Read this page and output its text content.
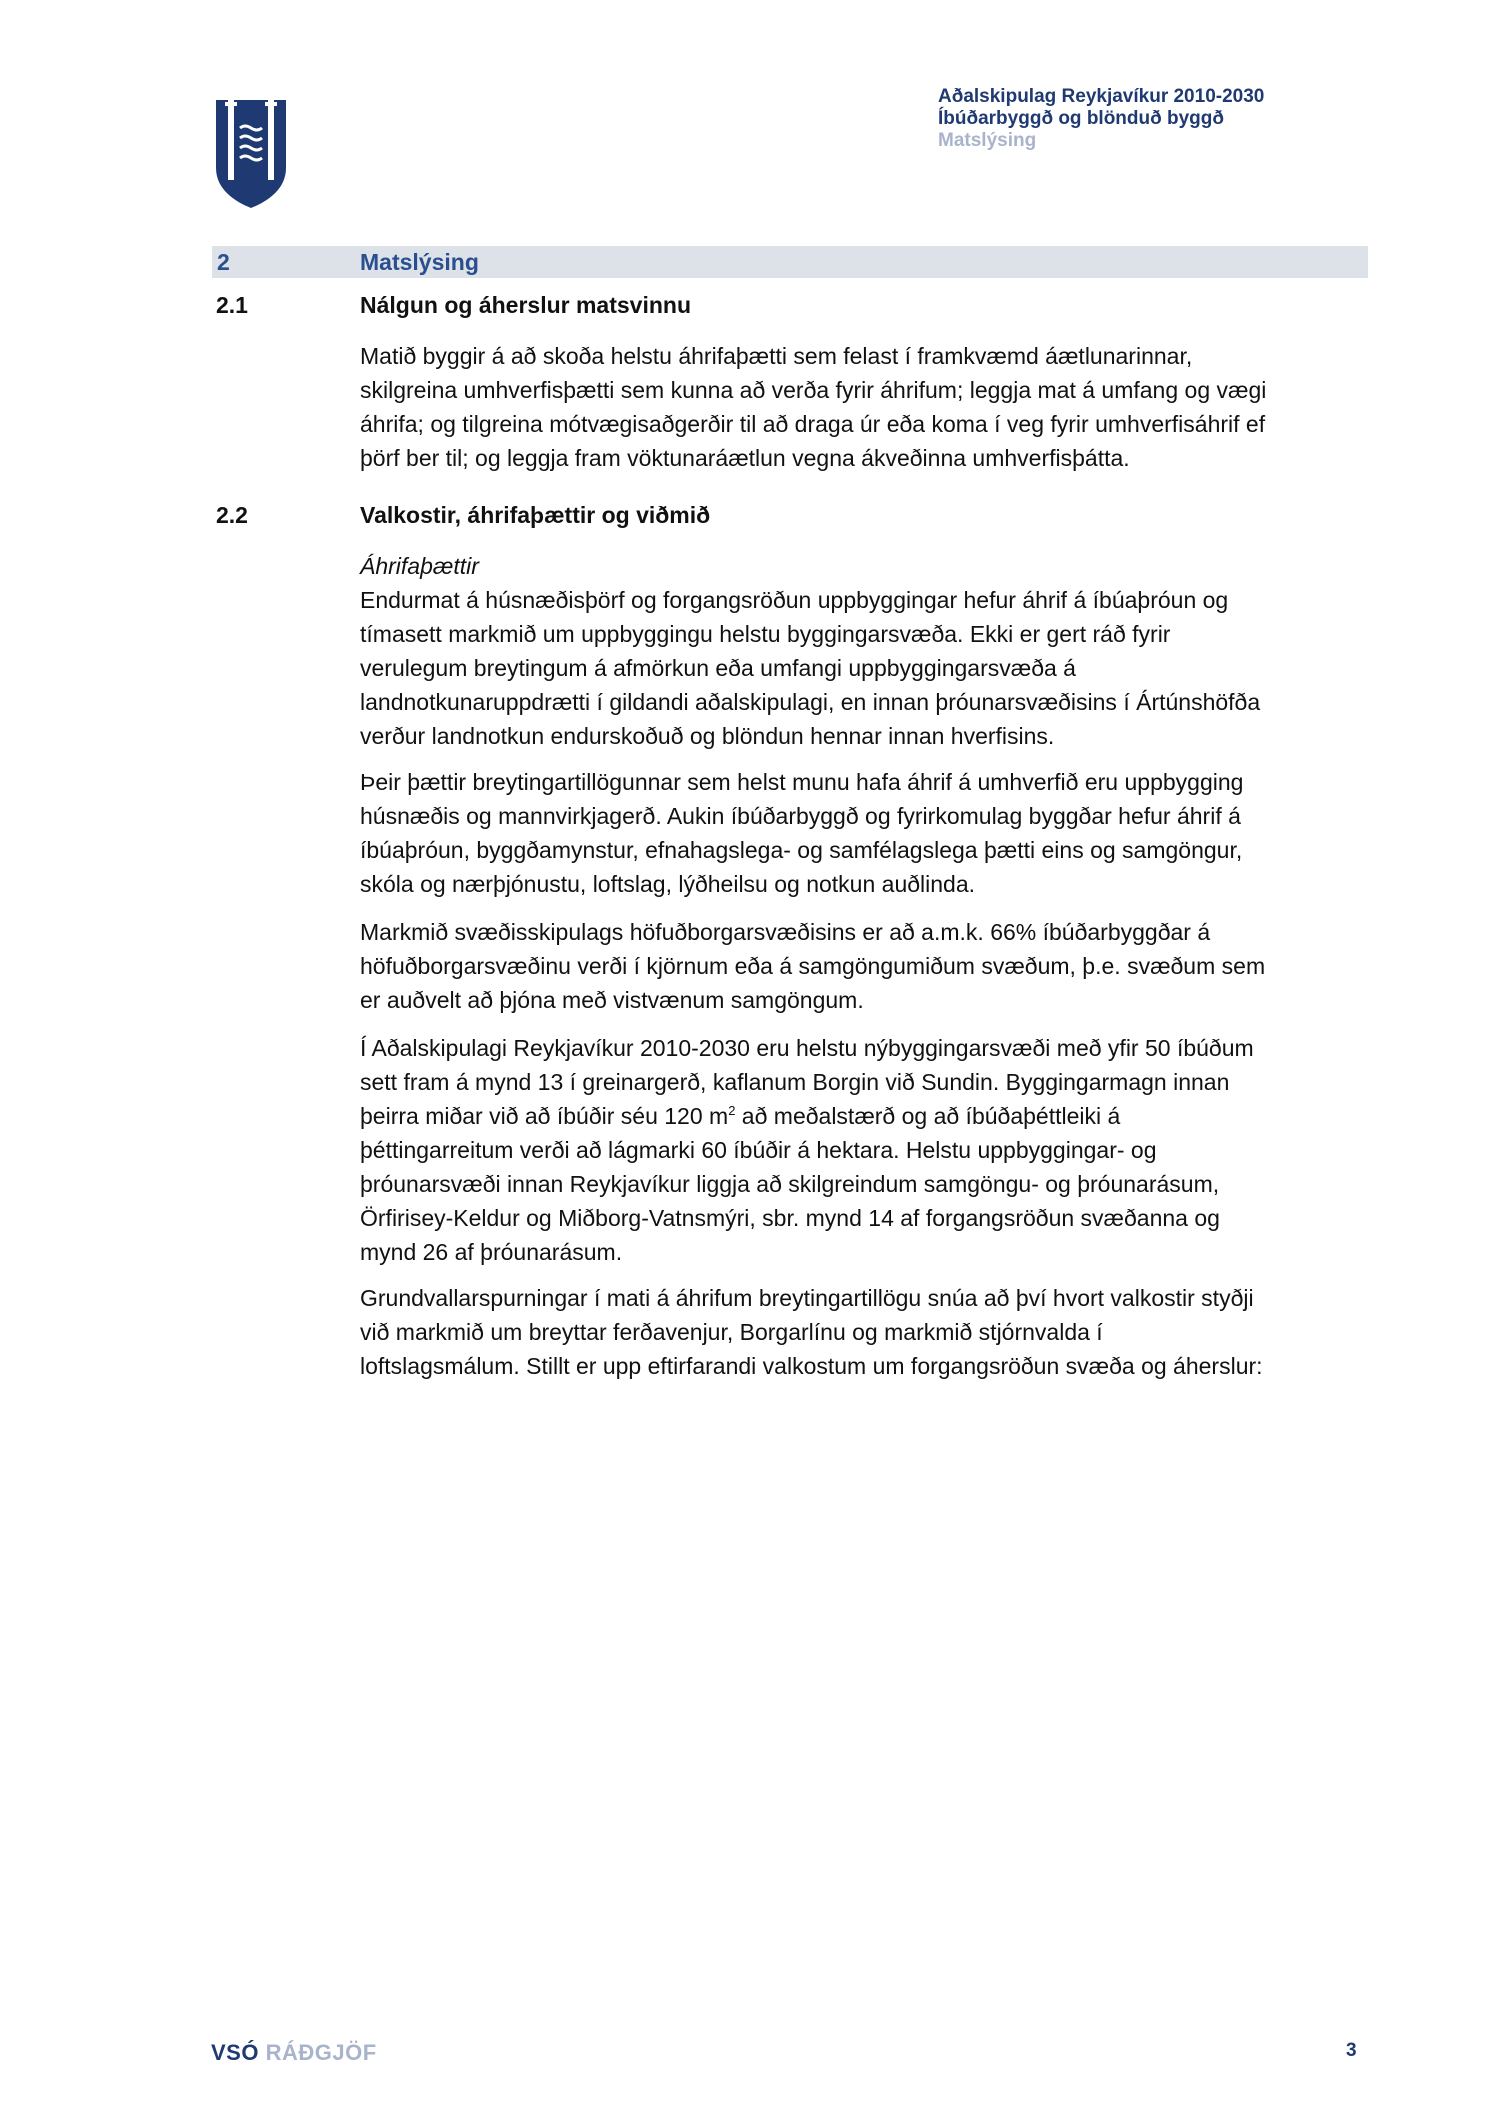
Aðalskipulag Reykjavíkur 2010-2030
Íbúðarbyggð og blönduð byggð
Matslýsing
2	Matslýsing
2.1	Nálgun og áherslur matsvinnu
Matið byggir á að skoða helstu áhrifaþætti sem felast í framkvæmd áætlunarinnar,
skilgreina umhverfisþætti sem kunna að verða fyrir áhrifum; leggja mat á umfang og vægi
áhrifa; og tilgreina mótvægisaðgerðir til að draga úr eða koma í veg fyrir umhverfisáhrif ef
þörf ber til; og leggja fram vöktunaráætlun vegna ákveðinna umhverfisþátta.
2.2	Valkostir, áhrifaþættir og viðmið
Áhrifaþættir
Endurmat á húsnæðisþörf og forgangsröðun uppbyggingar hefur áhrif á íbúaþróun og
tímasett markmið um uppbyggingu helstu byggingarsvæða. Ekki er gert ráð fyrir
verulegum breytingum á afmörkun eða umfangi uppbyggingarsvæða á
landnotkunaruppdrætti í gildandi aðalskipulagi, en innan þróunarsvæðisins í Ártúnshöfða
verður landnotkun endurskoðuð og blöndun hennar innan hverfisins.
Þeir þættir breytingartillögunnar sem helst munu hafa áhrif á umhverfið eru uppbygging
húsnæðis og mannvirkjagerð. Aukin íbúðarbyggð og fyrirkomulag byggðar hefur áhrif á
íbúaþróun, byggðamynstur, efnahagslega- og samfélagslega þætti eins og samgöngur,
skóla og nærþjónustu, loftslag, lýðheilsu og notkun auðlinda.
Markmið svæðisskipulags höfuðborgarsvæðisins er að a.m.k. 66% íbúðarbyggðar á
höfuðborgarsvæðinu verði í kjörnum eða á samgöngumiðum svæðum, þ.e. svæðum sem
er auðvelt að þjóna með vistvænum samgöngum.
Í Aðalskipulagi Reykjavíkur 2010-2030 eru helstu nýbyggingarsvæði með yfir 50 íbúðum
sett fram á mynd 13 í greinargerð, kaflanum Borgin við Sundin. Byggingarmagn innan
þeirra miðar við að íbúðir séu 120 $m^2$ að meðalstærð og að íbúðaþéttleiki á
þéttingarreitum verði að lágmarki 60 íbúðir á hektara. Helstu uppbyggingar- og
þróunarsvæði innan Reykjavíkur liggja að skilgreindum samgöngu- og þróunarásum,
Örfirisey-Keldur og Miðborg-Vatnsmýri, sbr. mynd 14 af forgangsröðun svæðanna og
mynd 26 af þróunarásum.
Grundvallarspurningar í mati á áhrifum breytingartillögu snúa að því hvort valkostir styðji
við markmið um breyttar ferðavenjur, Borgarlínu og markmið stjórnvalda í
loftslagsmálum. Stillt er upp eftirfarandi valkostum um forgangsröðun svæða og áherslur:
VSÓ RÁÐGJÖF	3
